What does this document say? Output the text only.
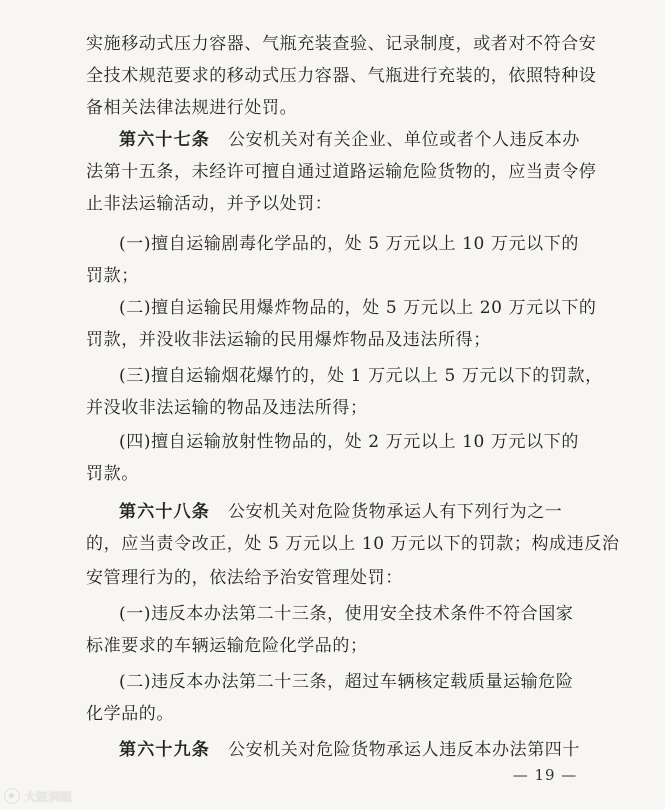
实施移动式压力容器、气瓶充装查验、记录制度，或者对不符合安
全技术规范要求的移动式压力容器、气瓶进行充装的，依照特种设
备相关法律法规进行处罚。
第六十七条 公安机关对有关企业、单位或者个人违反本办
法第十五条，未经许可擅自通过道路运输危险货物的，应当责令停
止非法运输活动，并予以处罚：
(一)擅自运输剧毒化学品的，处 5 万元以上 10 万元以下的
罚款；
(二)擅自运输民用爆炸物品的，处 5 万元以上 20 万元以下的
罚款，并没收非法运输的民用爆炸物品及违法所得；
(三)擅自运输烟花爆竹的，处 1 万元以上 5 万元以下的罚款，
并没收非法运输的物品及违法所得；
(四)擅自运输放射性物品的，处 2 万元以上 10 万元以下的
罚款。
第六十八条 公安机关对危险货物承运人有下列行为之一
的，应当责令改正，处 5 万元以上 10 万元以下的罚款；构成违反治
安管理行为的，依法给予治安管理处罚：
(一)违反本办法第二十三条，使用安全技术条件不符合国家
标准要求的车辆运输危险化学品的；
(二)违反本办法第二十三条，超过车辆核定载质量运输危险
化学品的。
第六十九条 公安机关对危险货物承运人违反本办法第四十
— 19 —
大鼓洞眼
